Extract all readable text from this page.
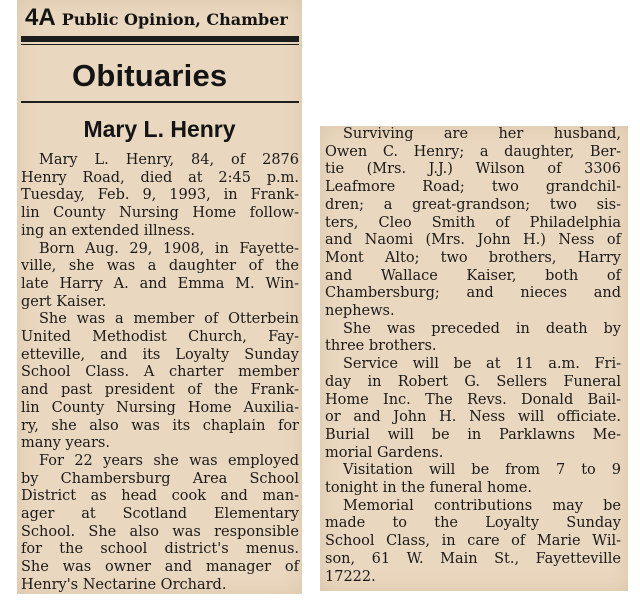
4A Public Opinion, Chamber
Obituaries
Mary L. Henry
Mary L. Henry, 84, of 2876
Henry Road, died at 2:45 p.m.
Tuesday, Feb. 9, 1993, in Frank-
lin County Nursing Home follow-
ing an extended illness.
Born Aug. 29, 1908, in Fayette-
ville, she was a daughter of the
late Harry A. and Emma M. Win-
gert Kaiser.
She was a member of Otterbein
United Methodist Church, Fay-
etteville, and its Loyalty Sunday
School Class. A charter member
and past president of the Frank-
lin County Nursing Home Auxilia-
ry, she also was its chaplain for
many years.
For 22 years she was employed
by Chambersburg Area School
District as head cook and man-
ager at Scotland Elementary
School. She also was responsible
for the school district's menus.
She was owner and manager of
Henry's Nectarine Orchard.
Surviving are her husband,
Owen C. Henry; a daughter, Ber-
tie (Mrs. J.J.) Wilson of 3306
Leafmore Road; two grandchil-
dren; a great-grandson; two sis-
ters, Cleo Smith of Philadelphia
and Naomi (Mrs. John H.) Ness of
Mont Alto; two brothers, Harry
and Wallace Kaiser, both of
Chambersburg; and nieces and
nephews.
She was preceded in death by
three brothers.
Service will be at 11 a.m. Fri-
day in Robert G. Sellers Funeral
Home Inc. The Revs. Donald Bail-
or and John H. Ness will officiate.
Burial will be in Parklawns Me-
morial Gardens.
Visitation will be from 7 to 9
tonight in the funeral home.
Memorial contributions may be
made to the Loyalty Sunday
School Class, in care of Marie Wil-
son, 61 W. Main St., Fayetteville
17222.
